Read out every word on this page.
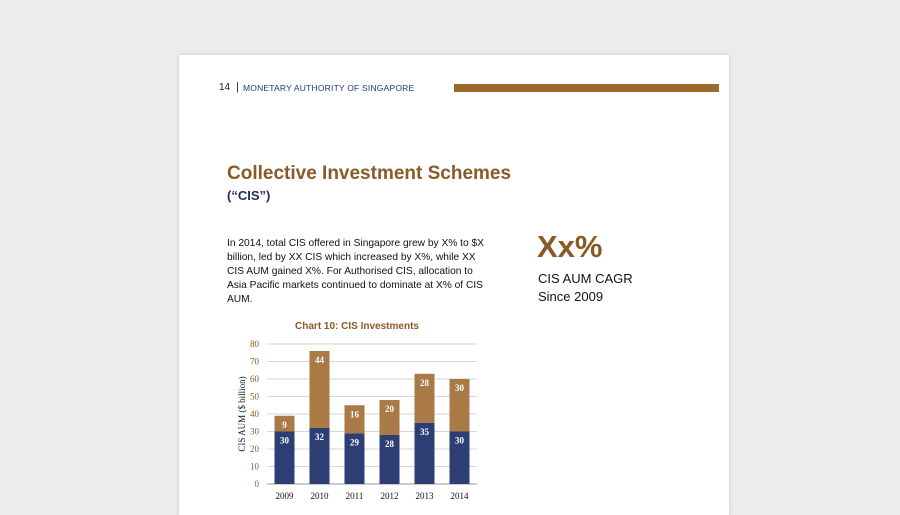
14 | MONETARY AUTHORITY OF SINGAPORE
Collective Investment Schemes
(“CIS”)
In 2014, total CIS offered in Singapore grew by X% to $X billion, led by XX CIS which increased by X%, while XX CIS AUM gained X%. For Authorised CIS, allocation to Asia Pacific markets continued to dominate at X% of CIS AUM.
Xx%
CIS AUM CAGR
Since 2009
Chart 10: CIS Investments
0
10
20
30
40
50
60
70
80
CIS AUM ($ billion)	30
9
2009
32
44
2010
29
16
2011
28
20
2012
35
28
2013
30
30
2014
